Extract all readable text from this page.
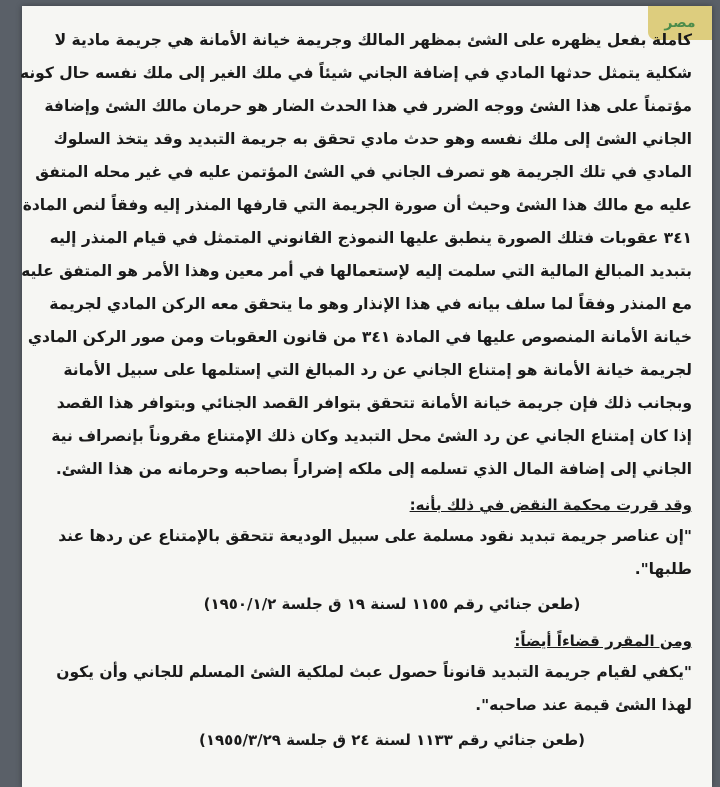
مصر
كاملة بفعل يظهره على الشئ بمظهر المالك وجريمة خيانة الأمانة هي جريمة مادية لا
شكلية يتمثل حدثها المادي في إضافة الجاني شيئاً في ملك الغير إلى ملك نفسه حال كونه
مؤتمناً على هذا الشئ ووجه الضرر في هذا الحدث الضار هو حرمان مالك الشئ وإضافة
الجاني الشئ إلى ملك نفسه وهو حدث مادي تحقق به جريمة التبديد وقد يتخذ السلوك
المادي في تلك الجريمة هو تصرف الجاني في الشئ المؤتمن عليه في غير محله المتفق
عليه مع مالك هذا الشئ وحيث أن صورة الجريمة التي قارفها المنذر إليه وفقاً لنص المادة
٣٤١ عقوبات فتلك الصورة ينطبق عليها النموذج القانوني المتمثل في قيام المنذر إليه
بتبديد المبالغ المالية التي سلمت إليه لإستعمالها في أمر معين وهذا الأمر هو المتفق عليه
مع المنذر وفقاً لما سلف بيانه في هذا الإنذار وهو ما يتحقق معه الركن المادي لجريمة
خيانة الأمانة المنصوص عليها في المادة ٣٤١ من قانون العقوبات ومن صور الركن المادي
لجريمة خيانة الأمانة هو إمتناع الجاني عن رد المبالغ التي إستلمها على سبيل الأمانة
وبجانب ذلك فإن جريمة خيانة الأمانة تتحقق بتوافر القصد الجنائي وبتوافر هذا القصد
إذا كان إمتناع الجاني عن رد الشئ محل التبديد وكان ذلك الإمتناع مقروناً بإنصراف نية
الجاني إلى إضافة المال الذي تسلمه إلى ملكه إضراراً بصاحبه وحرمانه من هذا الشئ.
وقد قررت محكمة النقض في ذلك بأنه:
"إن عناصر جريمة تبديد نقود مسلمة على سبيل الوديعة تتحقق بالإمتناع عن ردها عند
طلبها".
(طعن جنائي رقم ١١٥٥ لسنة ١٩ ق جلسة ١٩٥٠/١/٢)
ومن المقرر قضاءاً أيضاً:
"يكفي لقيام جريمة التبديد قانوناً حصول عبث لملكية الشئ المسلم للجاني وأن يكون
لهذا الشئ قيمة عند صاحبه".
(طعن جنائي رقم ١١٣٣ لسنة ٢٤ ق جلسة ١٩٥٥/٣/٢٩)
